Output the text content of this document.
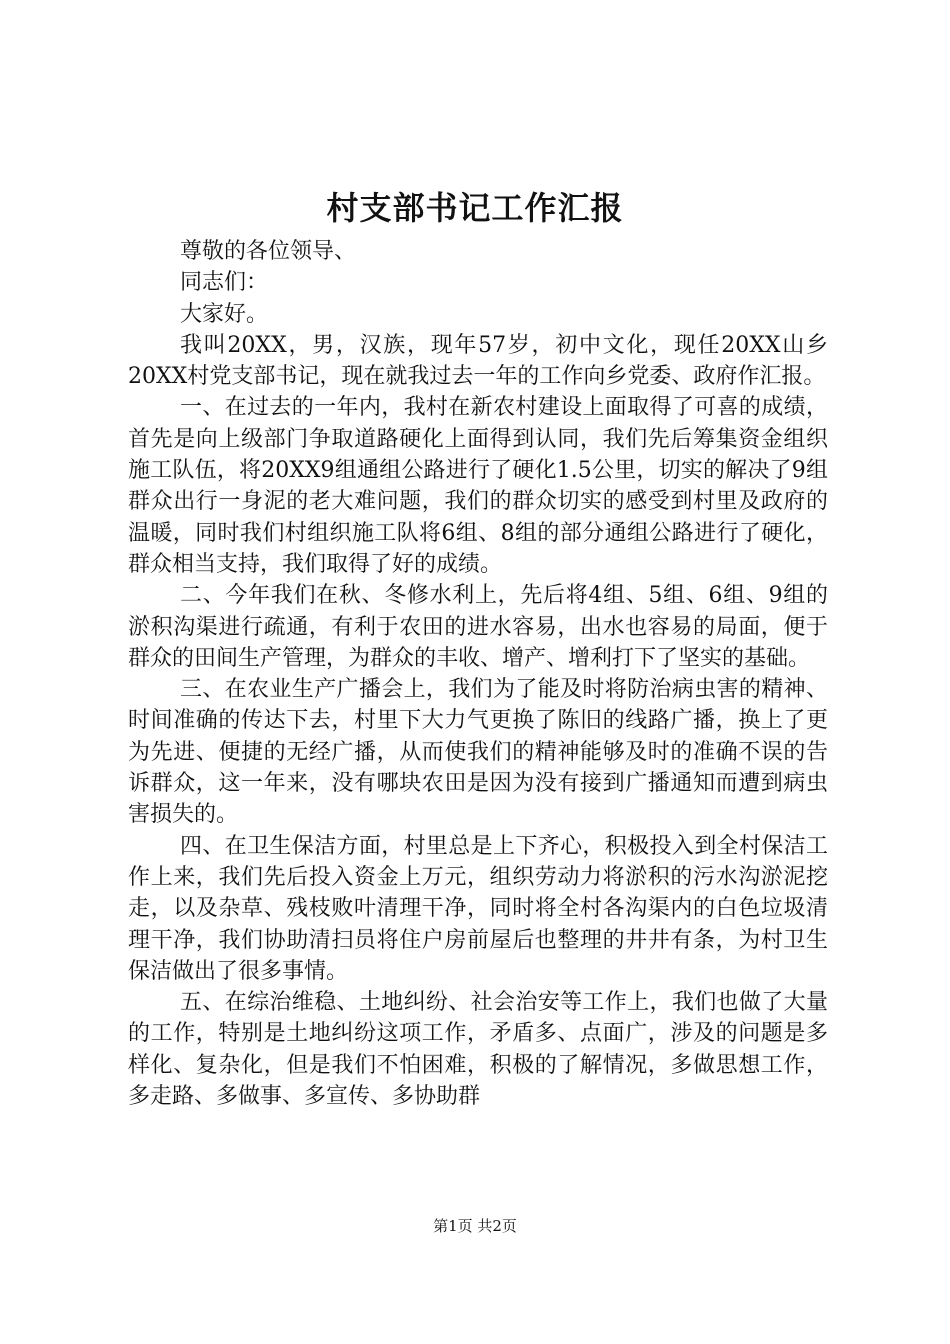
村支部书记工作汇报

尊敬的各位领导、

同志们：

大家好。

我叫20XX，男，汉族，现年57岁，初中文化，现任20XX山乡20XX村党支部书记，现在就我过去一年的工作向乡党委、政府作汇报。

一、在过去的一年内，我村在新农村建设上面取得了可喜的成绩，首先是向上级部门争取道路硬化上面得到认同，我们先后筹集资金组织施工队伍，将20XX9组通组公路进行了硬化1.5公里，切实的解决了9组群众出行一身泥的老大难问题，我们的群众切实的感受到村里及政府的温暖，同时我们村组织施工队将6组、8组的部分通组公路进行了硬化，群众相当支持，我们取得了好的成绩。

二、今年我们在秋、冬修水利上，先后将4组、5组、6组、9组的淤积沟渠进行疏通，有利于农田的进水容易，出水也容易的局面，便于群众的田间生产管理，为群众的丰收、增产、增利打下了坚实的基础。

三、在农业生产广播会上，我们为了能及时将防治病虫害的精神、时间准确的传达下去，村里下大力气更换了陈旧的线路广播，换上了更为先进、便捷的无经广播，从而使我们的精神能够及时的准确不误的告诉群众，这一年来，没有哪块农田是因为没有接到广播通知而遭到病虫害损失的。

四、在卫生保洁方面，村里总是上下齐心，积极投入到全村保洁工作上来，我们先后投入资金上万元，组织劳动力将淤积的污水沟淤泥挖走，以及杂草、残枝败叶清理干净，同时将全村各沟渠内的白色垃圾清理干净，我们协助清扫员将住户房前屋后也整理的井井有条，为村卫生保洁做出了很多事情。

五、在综治维稳、土地纠纷、社会治安等工作上，我们也做了大量的工作，特别是土地纠纷这项工作，矛盾多、点面广，涉及的问题是多样化、复杂化，但是我们不怕困难，积极的了解情况，多做思想工作，多走路、多做事、多宣传、多协助群

第1页 共2页
